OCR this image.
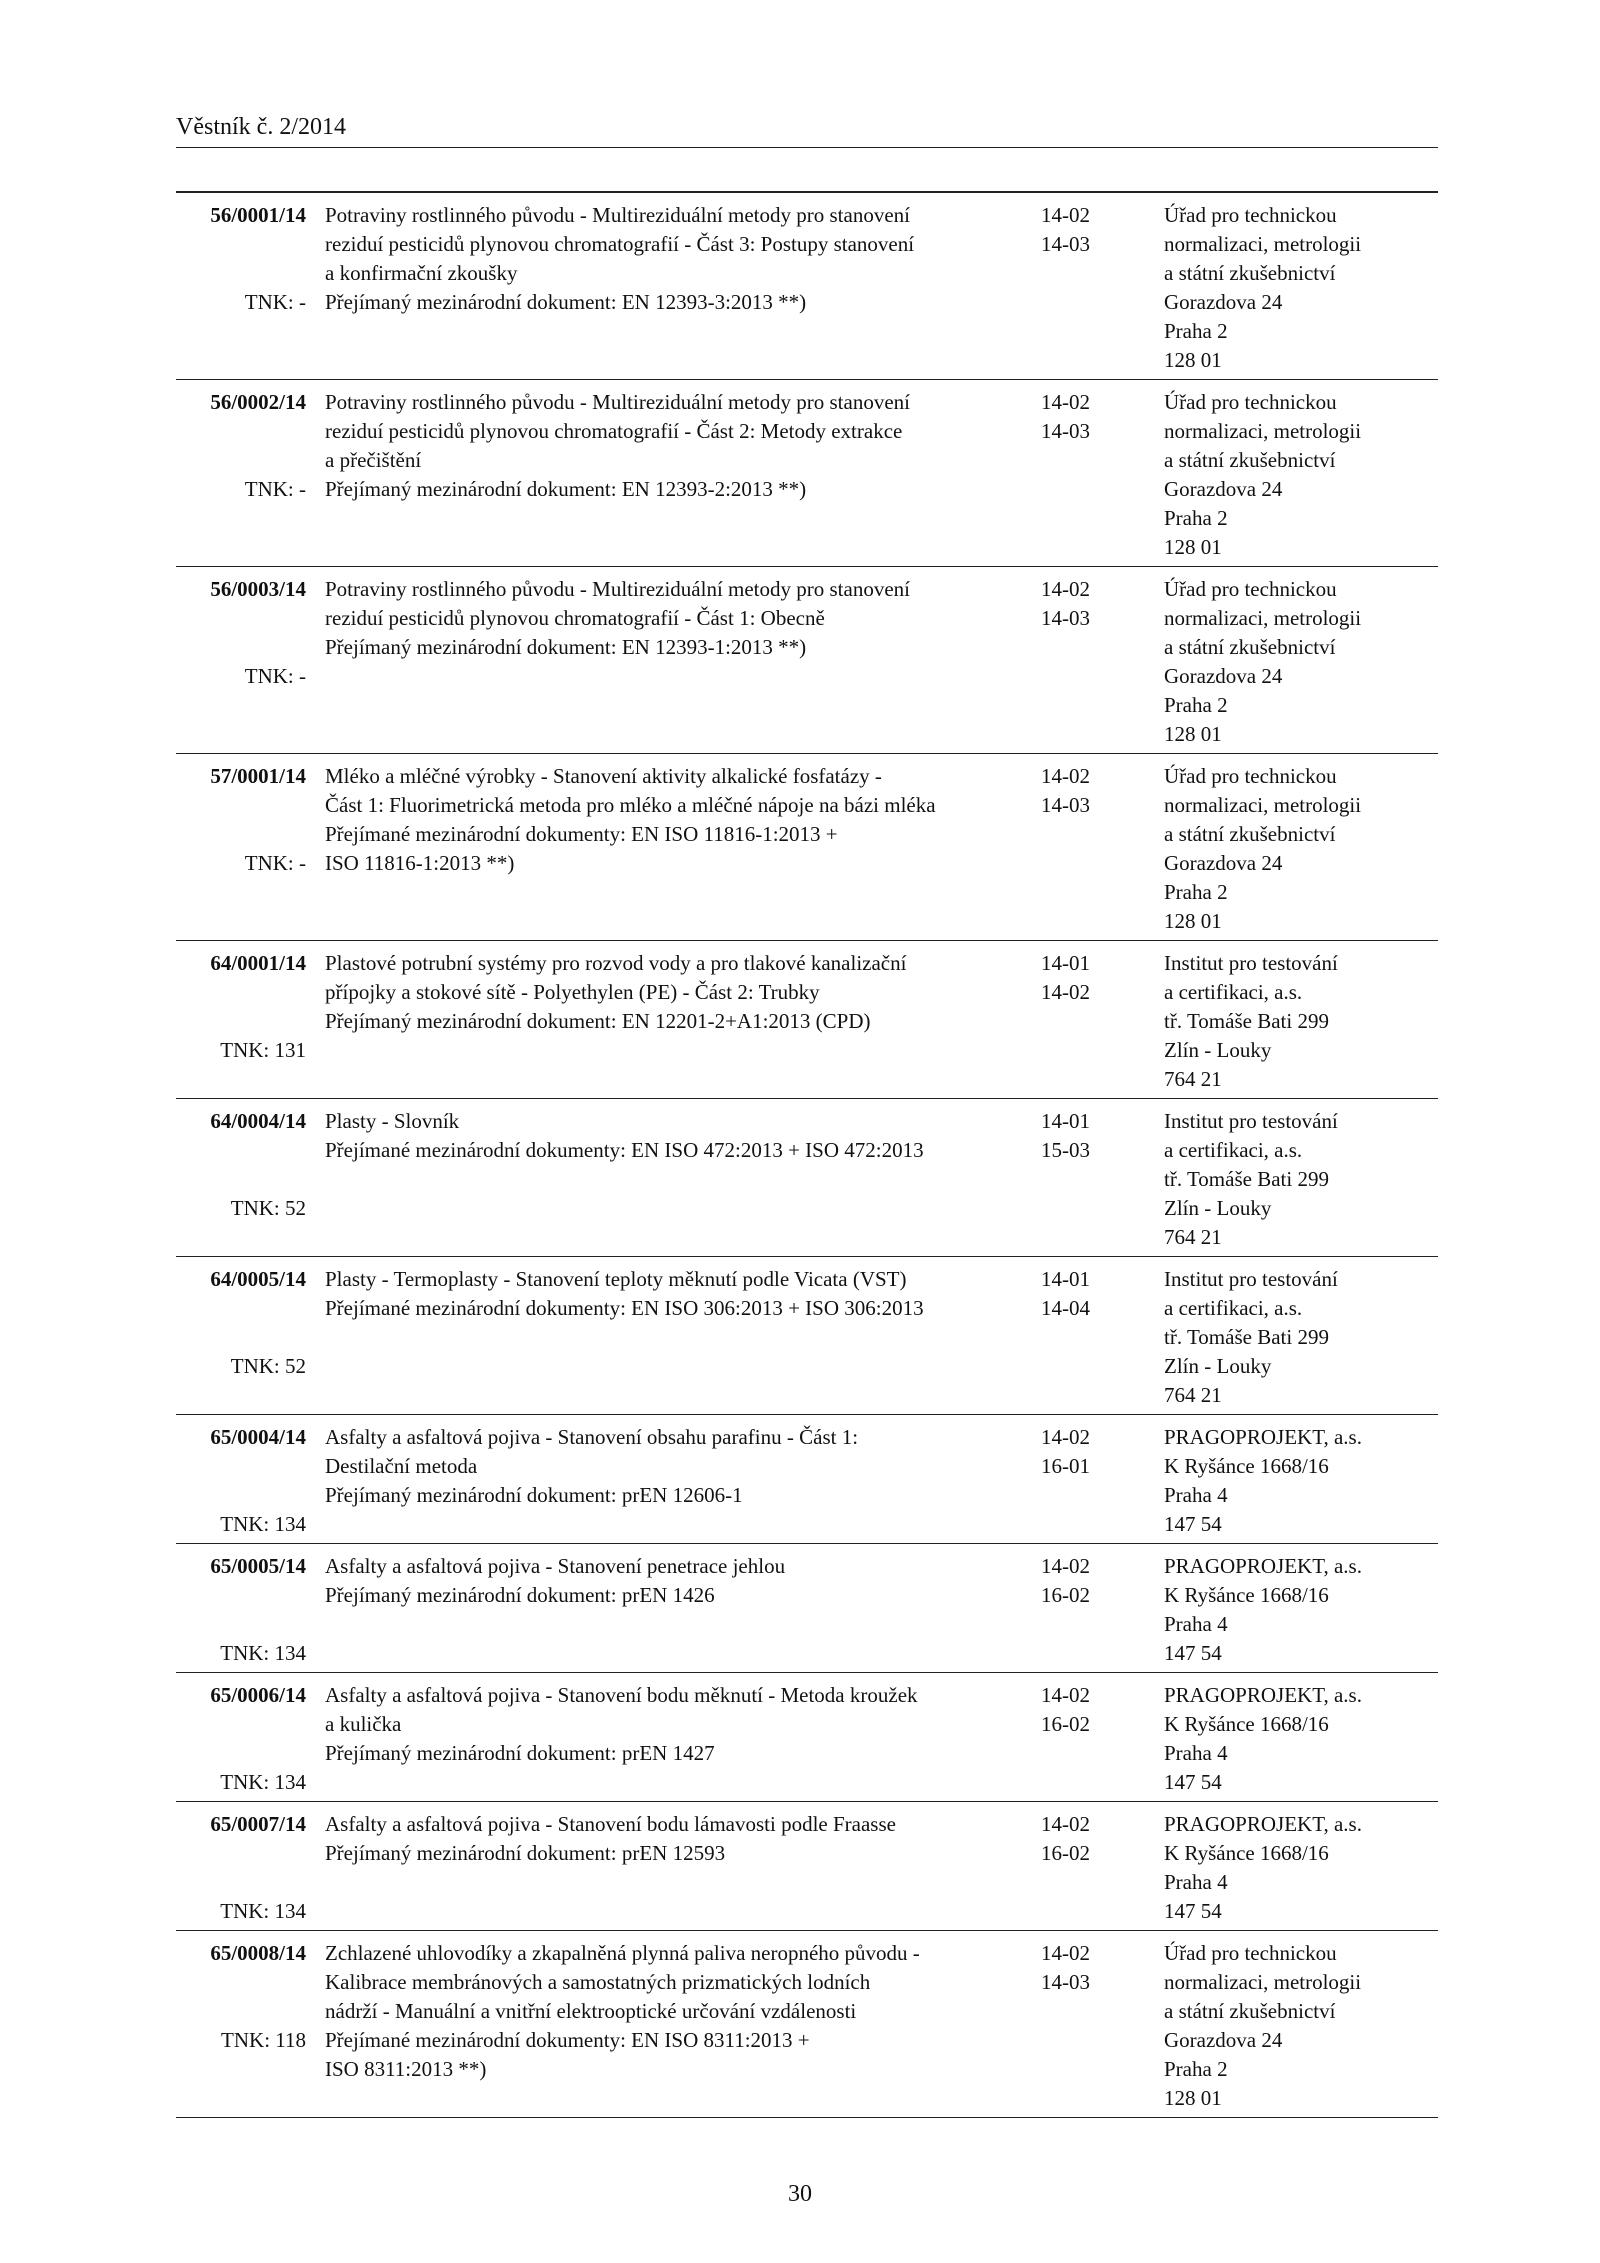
Věstník č. 2/2014
56/0001/14
TNK: -
Potraviny rostlinného původu - Multireziduální metody pro stanovení
reziduí pesticidů plynovou chromatografií - Část 3: Postupy stanovení
a konfirmační zkoušky
Přejímaný mezinárodní dokument: EN 12393-3:2013 **)
14-02
14-03
Úřad pro technickou
normalizaci, metrologii
a státní zkušebnictví
Gorazdova 24
Praha 2
128 01
56/0002/14
TNK: -
Potraviny rostlinného původu - Multireziduální metody pro stanovení
reziduí pesticidů plynovou chromatografií - Část 2: Metody extrakce
a přečištění
Přejímaný mezinárodní dokument: EN 12393-2:2013 **)
14-02
14-03
Úřad pro technickou
normalizaci, metrologii
a státní zkušebnictví
Gorazdova 24
Praha 2
128 01
56/0003/14
TNK: -
Potraviny rostlinného původu - Multireziduální metody pro stanovení
reziduí pesticidů plynovou chromatografií - Část 1: Obecně
Přejímaný mezinárodní dokument: EN 12393-1:2013 **)
14-02
14-03
Úřad pro technickou
normalizaci, metrologii
a státní zkušebnictví
Gorazdova 24
Praha 2
128 01
57/0001/14
TNK: -
Mléko a mléčné výrobky - Stanovení aktivity alkalické fosfatázy -
Část 1: Fluorimetrická metoda pro mléko a mléčné nápoje na bázi mléka
Přejímané mezinárodní dokumenty: EN ISO 11816-1:2013 +
ISO 11816-1:2013 **)
14-02
14-03
Úřad pro technickou
normalizaci, metrologii
a státní zkušebnictví
Gorazdova 24
Praha 2
128 01
64/0001/14
TNK: 131
Plastové potrubní systémy pro rozvod vody a pro tlakové kanalizační
přípojky a stokové sítě - Polyethylen (PE) - Část 2: Trubky
Přejímaný mezinárodní dokument: EN 12201-2+A1:2013 (CPD)
14-01
14-02
Institut pro testování
a certifikaci, a.s.
tř. Tomáše Bati 299
Zlín - Louky
764 21
64/0004/14
TNK: 52
Plasty - Slovník
Přejímané mezinárodní dokumenty: EN ISO 472:2013 + ISO 472:2013
14-01
15-03
Institut pro testování
a certifikaci, a.s.
tř. Tomáše Bati 299
Zlín - Louky
764 21
64/0005/14
TNK: 52
Plasty - Termoplasty - Stanovení teploty měknutí podle Vicata (VST)
Přejímané mezinárodní dokumenty: EN ISO 306:2013 + ISO 306:2013
14-01
14-04
Institut pro testování
a certifikaci, a.s.
tř. Tomáše Bati 299
Zlín - Louky
764 21
65/0004/14
TNK: 134
Asfalty a asfaltová pojiva - Stanovení obsahu parafinu - Část 1:
Destilační metoda
Přejímaný mezinárodní dokument: prEN 12606-1
14-02
16-01
PRAGOPROJEKT, a.s.
K Ryšánce 1668/16
Praha 4
147 54
65/0005/14
TNK: 134
Asfalty a asfaltová pojiva - Stanovení penetrace jehlou
Přejímaný mezinárodní dokument: prEN 1426
14-02
16-02
PRAGOPROJEKT, a.s.
K Ryšánce 1668/16
Praha 4
147 54
65/0006/14
TNK: 134
Asfalty a asfaltová pojiva - Stanovení bodu měknutí - Metoda kroužek
a kulička
Přejímaný mezinárodní dokument: prEN 1427
14-02
16-02
PRAGOPROJEKT, a.s.
K Ryšánce 1668/16
Praha 4
147 54
65/0007/14
TNK: 134
Asfalty a asfaltová pojiva - Stanovení bodu lámavosti podle Fraasse
Přejímaný mezinárodní dokument: prEN 12593
14-02
16-02
PRAGOPROJEKT, a.s.
K Ryšánce 1668/16
Praha 4
147 54
65/0008/14
TNK: 118
Zchlazené uhlovodíky a zkapalněná plynná paliva neropného původu -
Kalibrace membránových a samostatných prizmatických lodních
nádrží - Manuální a vnitřní elektrooptické určování vzdálenosti
Přejímané mezinárodní dokumenty: EN ISO 8311:2013 +
ISO 8311:2013 **)
14-02
14-03
Úřad pro technickou
normalizaci, metrologii
a státní zkušebnictví
Gorazdova 24
Praha 2
128 01
30
